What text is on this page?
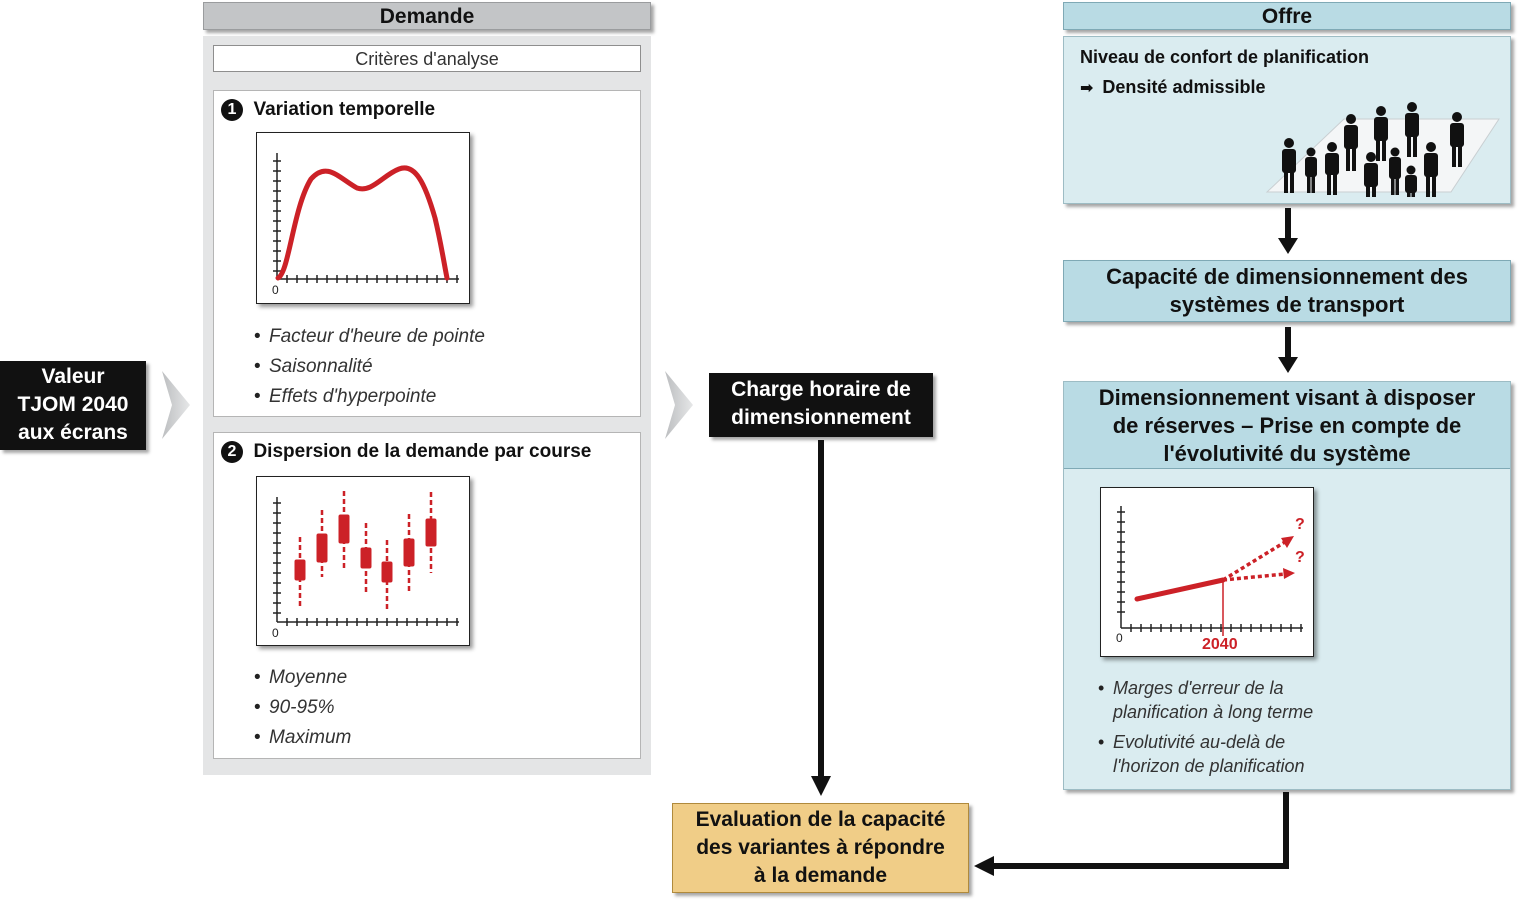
Demande
Critères d'analyse
1 Variation temporelle
0
• Facteur d'heure de pointe
• Saisonnalité
• Effets d'hyperpointe
2 Dispersion de la demande par course
0
• Moyenne
• 90-95%
• Maximum
Valeur
TJOM 2040
aux écrans
Charge horaire de
dimensionnement
Evaluation de la capacité
des variantes à répondre
à la demande
Offre
Niveau de confort de planification
➡ Densité admissible
Capacité de dimensionnement des
systèmes de transport
Dimensionnement visant à disposer
de réserves – Prise en compte de
l'évolutivité du système
?
?
0	2040
• Marges d'erreur de la
planification à long terme
• Evolutivité au-delà de
l'horizon de planification
